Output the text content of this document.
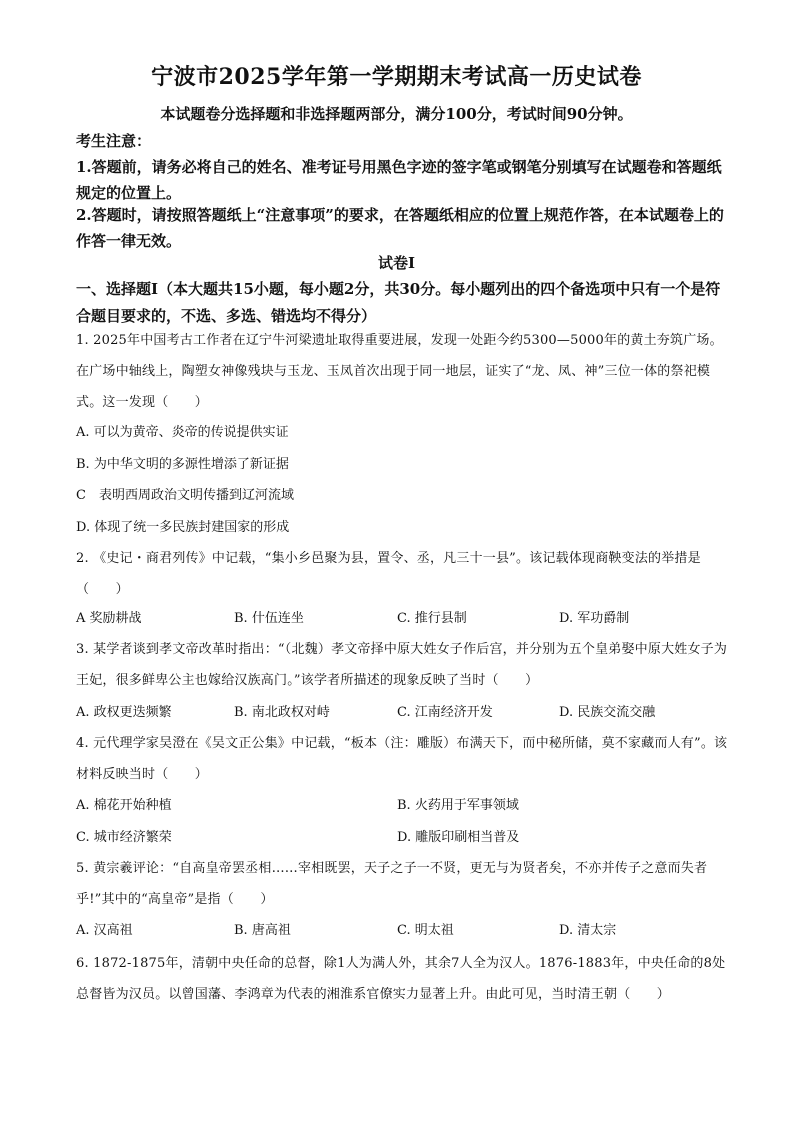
宁波市2025学年第一学期期末考试高一历史试卷
本试题卷分选择题和非选择题两部分，满分100分，考试时间90分钟。
考生注意：
1.答题前，请务必将自己的姓名、准考证号用黑色字迹的签字笔或钢笔分别填写在试题卷和答题纸规定的位置上。
2.答题时，请按照答题纸上“注意事项”的要求，在答题纸相应的位置上规范作答，在本试题卷上的作答一律无效。
试卷Ⅰ
一、选择题Ⅰ（本大题共15小题，每小题2分，共30分。每小题列出的四个备选项中只有一个是符合题目要求的，不选、多选、错选均不得分）
1. 2025年中国考古工作者在辽宁牛河梁遗址取得重要进展，发现一处距今约5300—5000年的黄土夯筑广场。在广场中轴线上，陶塑女神像残块与玉龙、玉凤首次出现于同一地层，证实了“龙、凤、神”三位一体的祭祀模式。这一发现（　　）
A. 可以为黄帝、炎帝的传说提供实证
B. 为中华文明的多源性增添了新证据
C　表明西周政治文明传播到辽河流域
D. 体现了统一多民族封建国家的形成
2. 《史记・商君列传》中记载，“集小乡邑聚为县，置令、丞，凡三十一县”。该记载体现商鞅变法的举措是（　　）
A 奖励耕战	B. 什伍连坐	C. 推行县制	D. 军功爵制
3. 某学者谈到孝文帝改革时指出：“（北魏）孝文帝择中原大姓女子作后宫，并分别为五个皇弟娶中原大姓女子为王妃，很多鲜卑公主也嫁给汉族高门。”该学者所描述的现象反映了当时（　　）
A. 政权更迭频繁	B. 南北政权对峙	C. 江南经济开发	D. 民族交流交融
4. 元代理学家吴澄在《吴文正公集》中记载，“板本（注：雕版）布满天下，而中秘所储，莫不家藏而人有”。该材料反映当时（　　）
A. 棉花开始种植	B. 火药用于军事领域
C. 城市经济繁荣	D. 雕版印刷相当普及
5. 黄宗羲评论：“自高皇帝罢丞相……宰相既罢，天子之子一不贤，更无与为贤者矣，不亦并传子之意而失者乎!”其中的“高皇帝”是指（　　）
A. 汉高祖	B. 唐高祖	C. 明太祖	D. 清太宗
6. 1872-1875年，清朝中央任命的总督，除1人为满人外，其余7人全为汉人。1876-1883年，中央任命的8处总督皆为汉员。以曾国藩、李鸿章为代表的湘淮系官僚实力显著上升。由此可见，当时清王朝（　　）
